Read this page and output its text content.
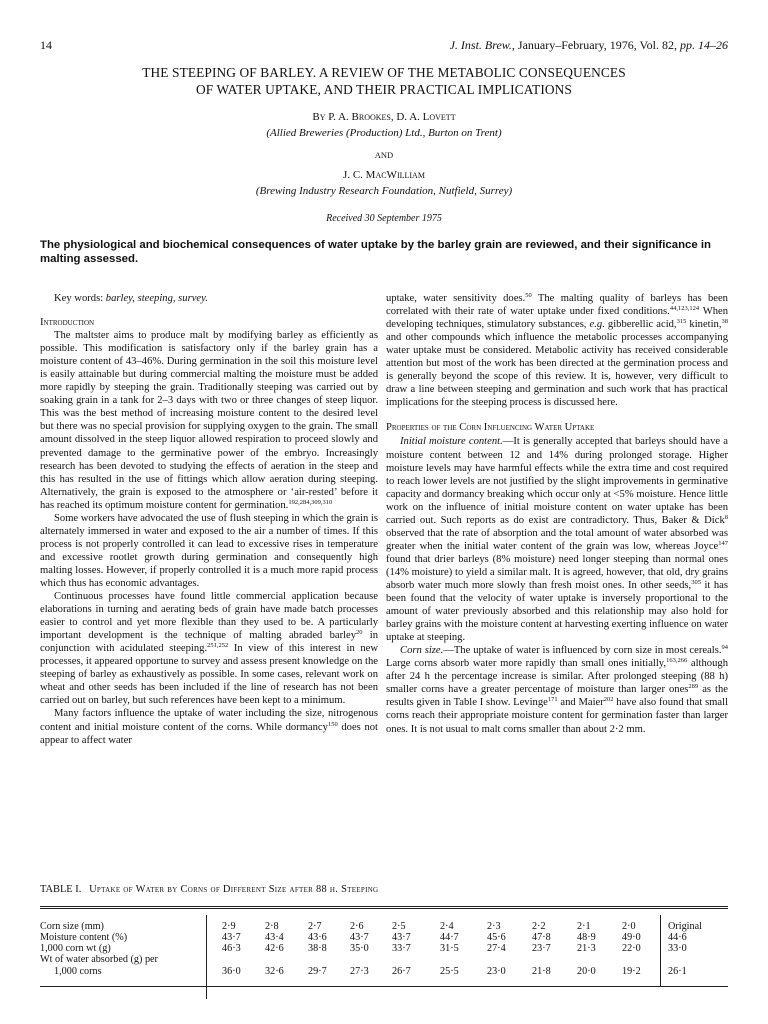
14	J. Inst. Brew., January–February, 1976, Vol. 82, pp. 14–26
THE STEEPING OF BARLEY. A REVIEW OF THE METABOLIC CONSEQUENCES
OF WATER UPTAKE, AND THEIR PRACTICAL IMPLICATIONS
By P. A. Brookes, D. A. Lovett
(Allied Breweries (Production) Ltd., Burton on Trent)
AND
J. C. MacWilliam
(Brewing Industry Research Foundation, Nutfield, Surrey)
Received 30 September 1975
The physiological and biochemical consequences of water uptake by the barley grain are reviewed, and their significance in malting assessed.

Key words: barley, steeping, survey.

Introduction

The maltster aims to produce malt by modifying barley as efficiently as possible. This modification is satisfactory only if the barley grain has a moisture content of 43–46%. During germination in the soil this moisture level is easily attainable but during commercial malting the moisture must be added more rapidly by steeping the grain. Traditionally steeping was carried out by soaking grain in a tank for 2–3 days with two or three changes of steep liquor. This was the best method of increasing moisture content to the desired level but there was no special provision for supplying oxygen to the grain. The small amount dissolved in the steep liquor allowed respiration to proceed slowly and prevented damage to the germinative power of the embryo. Increasingly research has been devoted to studying the effects of aeration in the steep and this has resulted in the use of fittings which allow aeration during steeping. Alternatively, the grain is exposed to the atmosphere or ‘air-rested’ before it has reached its optimum moisture content for germination.$^{192,284,309,310}$

Some workers have advocated the use of flush steeping in which the grain is alternately immersed in water and exposed to the air a number of times. If this process is not properly controlled it can lead to excessive rises in temperature and excessive rootlet growth during germination and consequently high malting losses. However, if properly controlled it is a much more rapid process which thus has economic advantages.

Continuous processes have found little commercial application because elaborations in turning and aerating beds of grain have made batch processes easier to control and yet more flexible than they used to be. A particularly important development is the technique of malting abraded barley$^{20}$ in conjunction with acidulated steeping.$^{251,252}$ In view of this interest in new processes, it appeared opportune to survey and assess present knowledge on the steeping of barley as exhaustively as possible. In some cases, relevant work on wheat and other seeds has been included if the line of research has not been carried out on barley, but such references have been kept to a minimum.

Many factors influence the uptake of water including the size, nitrogenous content and initial moisture content of the corns. While dormancy$^{150}$ does not appear to affect water

uptake, water sensitivity does.$^{50}$ The malting quality of barleys has been correlated with their rate of water uptake under fixed conditions.$^{44,123,124}$ When developing techniques, stimulatory substances, e.g. gibberellic acid,$^{315}$ kinetin,$^{38}$ and other compounds which influence the metabolic processes accompanying water uptake must be considered. Metabolic activity has received considerable attention but most of the work has been directed at the germination process and is generally beyond the scope of this review. It is, however, very difficult to draw a line between steeping and germination and such work that has practical implications for the steeping process is discussed here.

Properties of the Corn Influencing Water Uptake

Initial moisture content.—It is generally accepted that barleys should have a moisture content between 12 and 14% during prolonged storage. Higher moisture levels may have harmful effects while the extra time and cost required to reach lower levels are not justified by the slight improvements in germinative capacity and dormancy breaking which occur only at <5% moisture. Hence little work on the influence of initial moisture content on water uptake has been carried out. Such reports as do exist are contradictory. Thus, Baker & Dick$^8$ observed that the rate of absorption and the total amount of water absorbed was greater when the initial water content of the grain was low, whereas Joyce$^{147}$ found that drier barleys (8% moisture) need longer steeping than normal ones (14% moisture) to yield a similar malt. It is agreed, however, that old, dry grains absorb water much more slowly than fresh moist ones. In other seeds,$^{305}$ it has been found that the velocity of water uptake is inversely proportional to the amount of water previously absorbed and this relationship may also hold for barley grains with the moisture content at harvesting exerting influence on water uptake at steeping.

Corn size.—The uptake of water is influenced by corn size in most cereals.$^{94}$ Large corns absorb water more rapidly than small ones initially,$^{163,266}$ although after 24 h the percentage increase is similar. After prolonged steeping (88 h) smaller corns have a greater percentage of moisture than larger ones$^{289}$ as the results given in Table I show. Levinge$^{171}$ and Maier$^{202}$ have also found that small corns reach their appropriate moisture content for germination faster than larger ones. It is not usual to malt corns smaller than about 2·2 mm.

TABLE I. Uptake of Water by Corns of Different Size after 88 h. Steeping
Corn size (mm)
Moisture content (%)
1,000 corn wt (g)
Wt of water absorbed (g) per
1,000 corns
2·9
43·7
46·3
36·0
2·8
43·4
42·6
32·6
2·7
43·6
38·8
29·7
2·6
43·7
35·0
27·3
2·5
43·7
33·7
26·7
2·4
44·7
31·5
25·5
2·3
45·6
27·4
23·0
2·2
47·8
23·7
21·8
2·1
48·9
21·3
20·0
2·0
49·0
22·0
19·2
Original
44·6
33·0
26·1
